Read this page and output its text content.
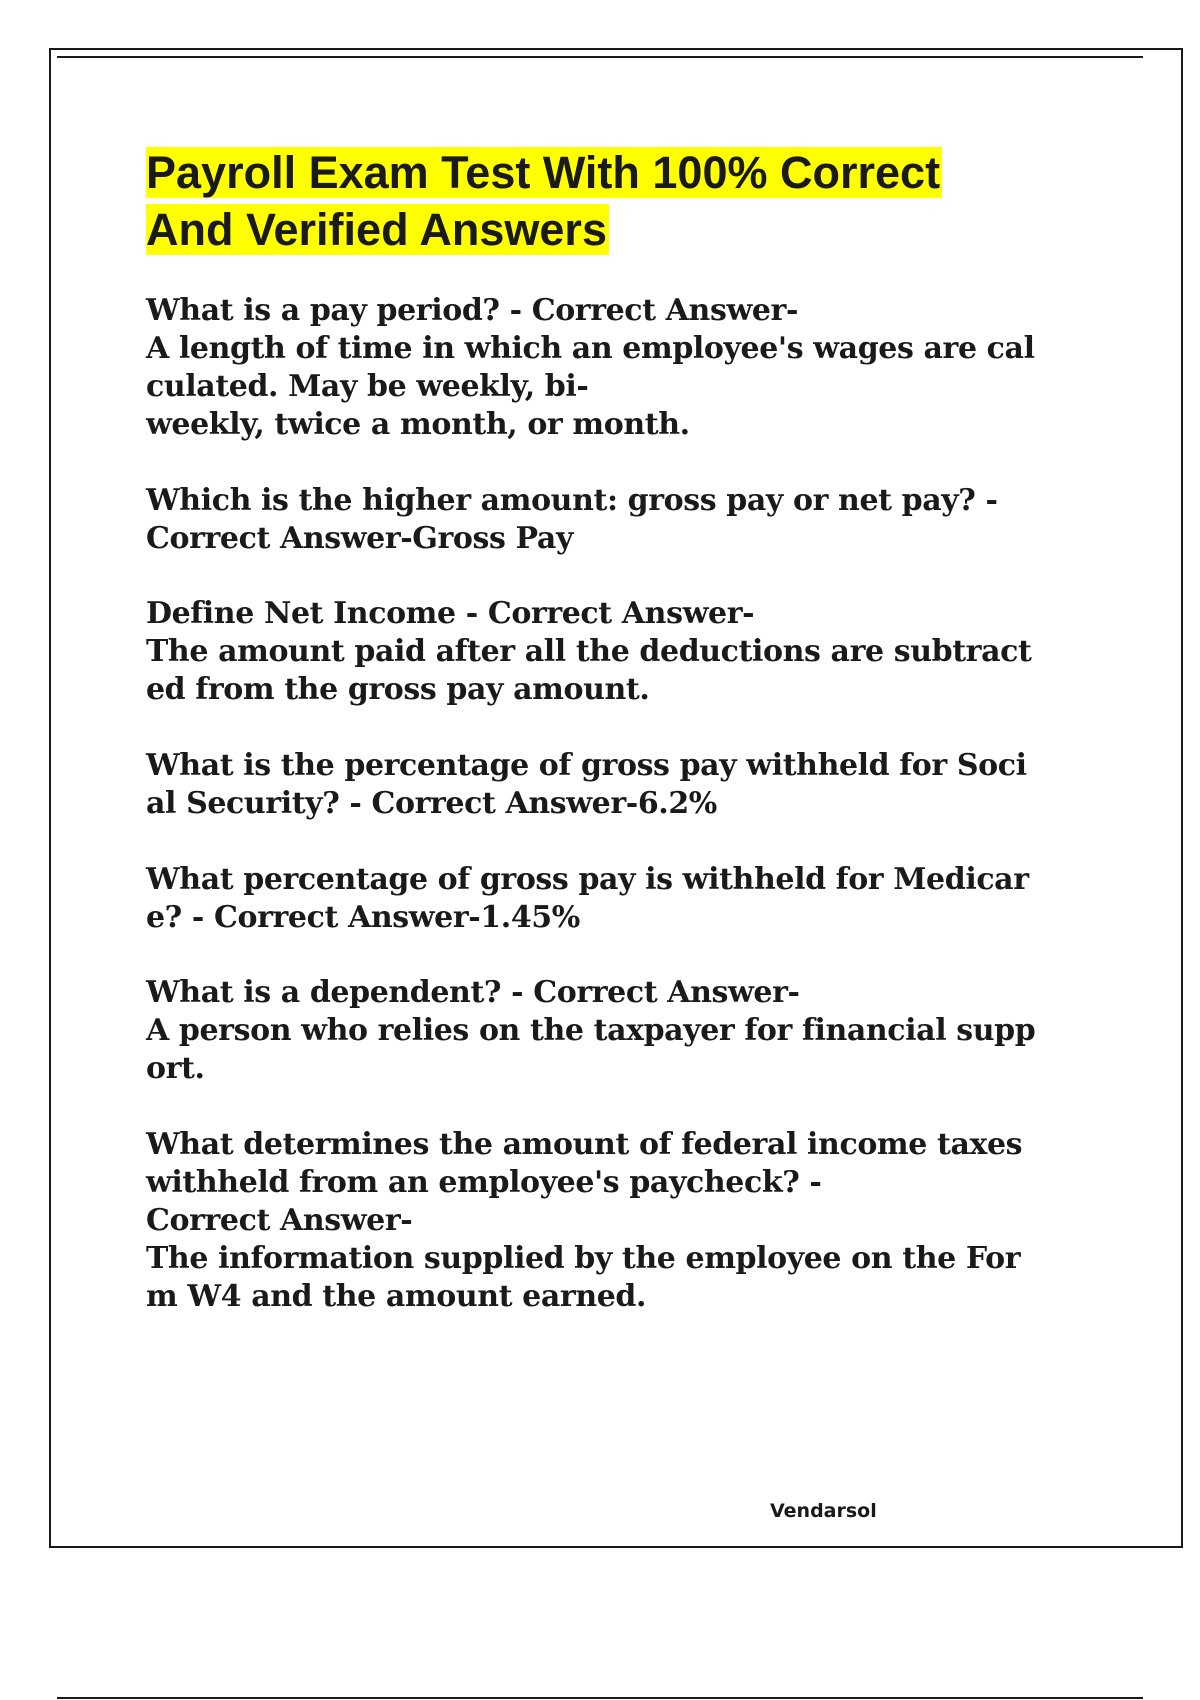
Payroll Exam Test With 100% Correct
And Verified Answers

What is a pay period? - Correct Answer-
A length of time in which an employee's wages are cal
culated. May be weekly, bi-
weekly, twice a month, or month.

Which is the higher amount: gross pay or net pay? -
Correct Answer-Gross Pay

Define Net Income - Correct Answer-
The amount paid after all the deductions are subtract
ed from the gross pay amount.

What is the percentage of gross pay withheld for Soci
al Security? - Correct Answer-6.2%

What percentage of gross pay is withheld for Medicar
e? - Correct Answer-1.45%

What is a dependent? - Correct Answer-
A person who relies on the taxpayer for financial supp
ort.

What determines the amount of federal income taxes
withheld from an employee's paycheck? -
Correct Answer-
The information supplied by the employee on the For
m W4 and the amount earned.

Vendarsol
